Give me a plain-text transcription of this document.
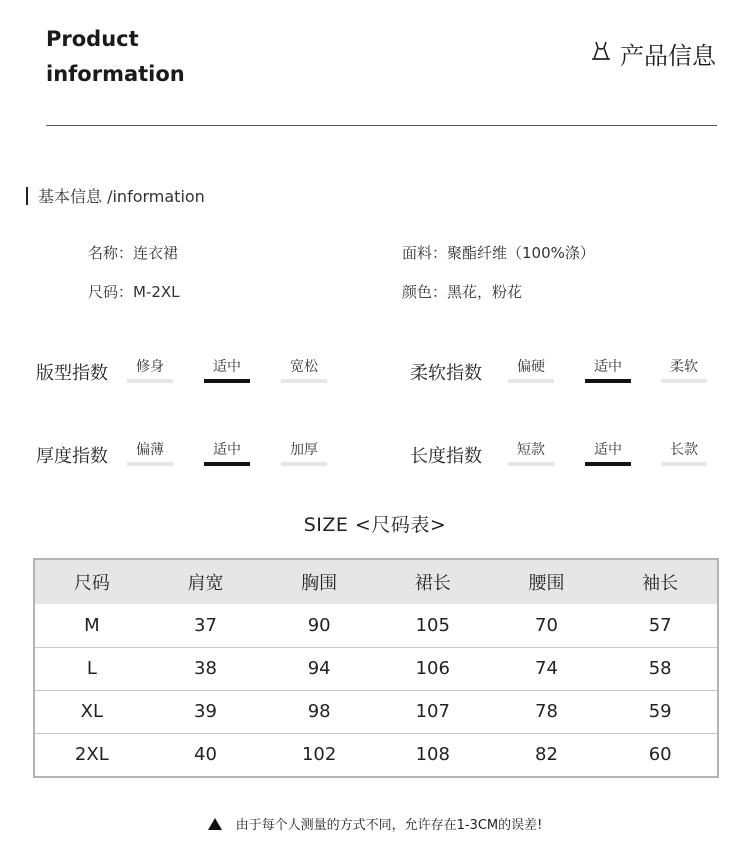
Product
information
产品信息
基本信息 /information
名称：连衣裙
尺码：M-2XL
面料：聚酯纤维（100%涤）
颜色：黑花，粉花
版型指数	修身	适中	宽松	柔软指数	偏硬	适中	柔软
厚度指数	偏薄	适中	加厚	长度指数	短款	适中	长款
SIZE <尺码表>
尺码	肩宽	胸围	裙长	腰围	袖长
M	37	90	105	70	57
L	38	94	106	74	58
XL	39	98	107	78	59
2XL	40	102	108	82	60
由于每个人测量的方式不同，允许存在1-3CM的误差!
